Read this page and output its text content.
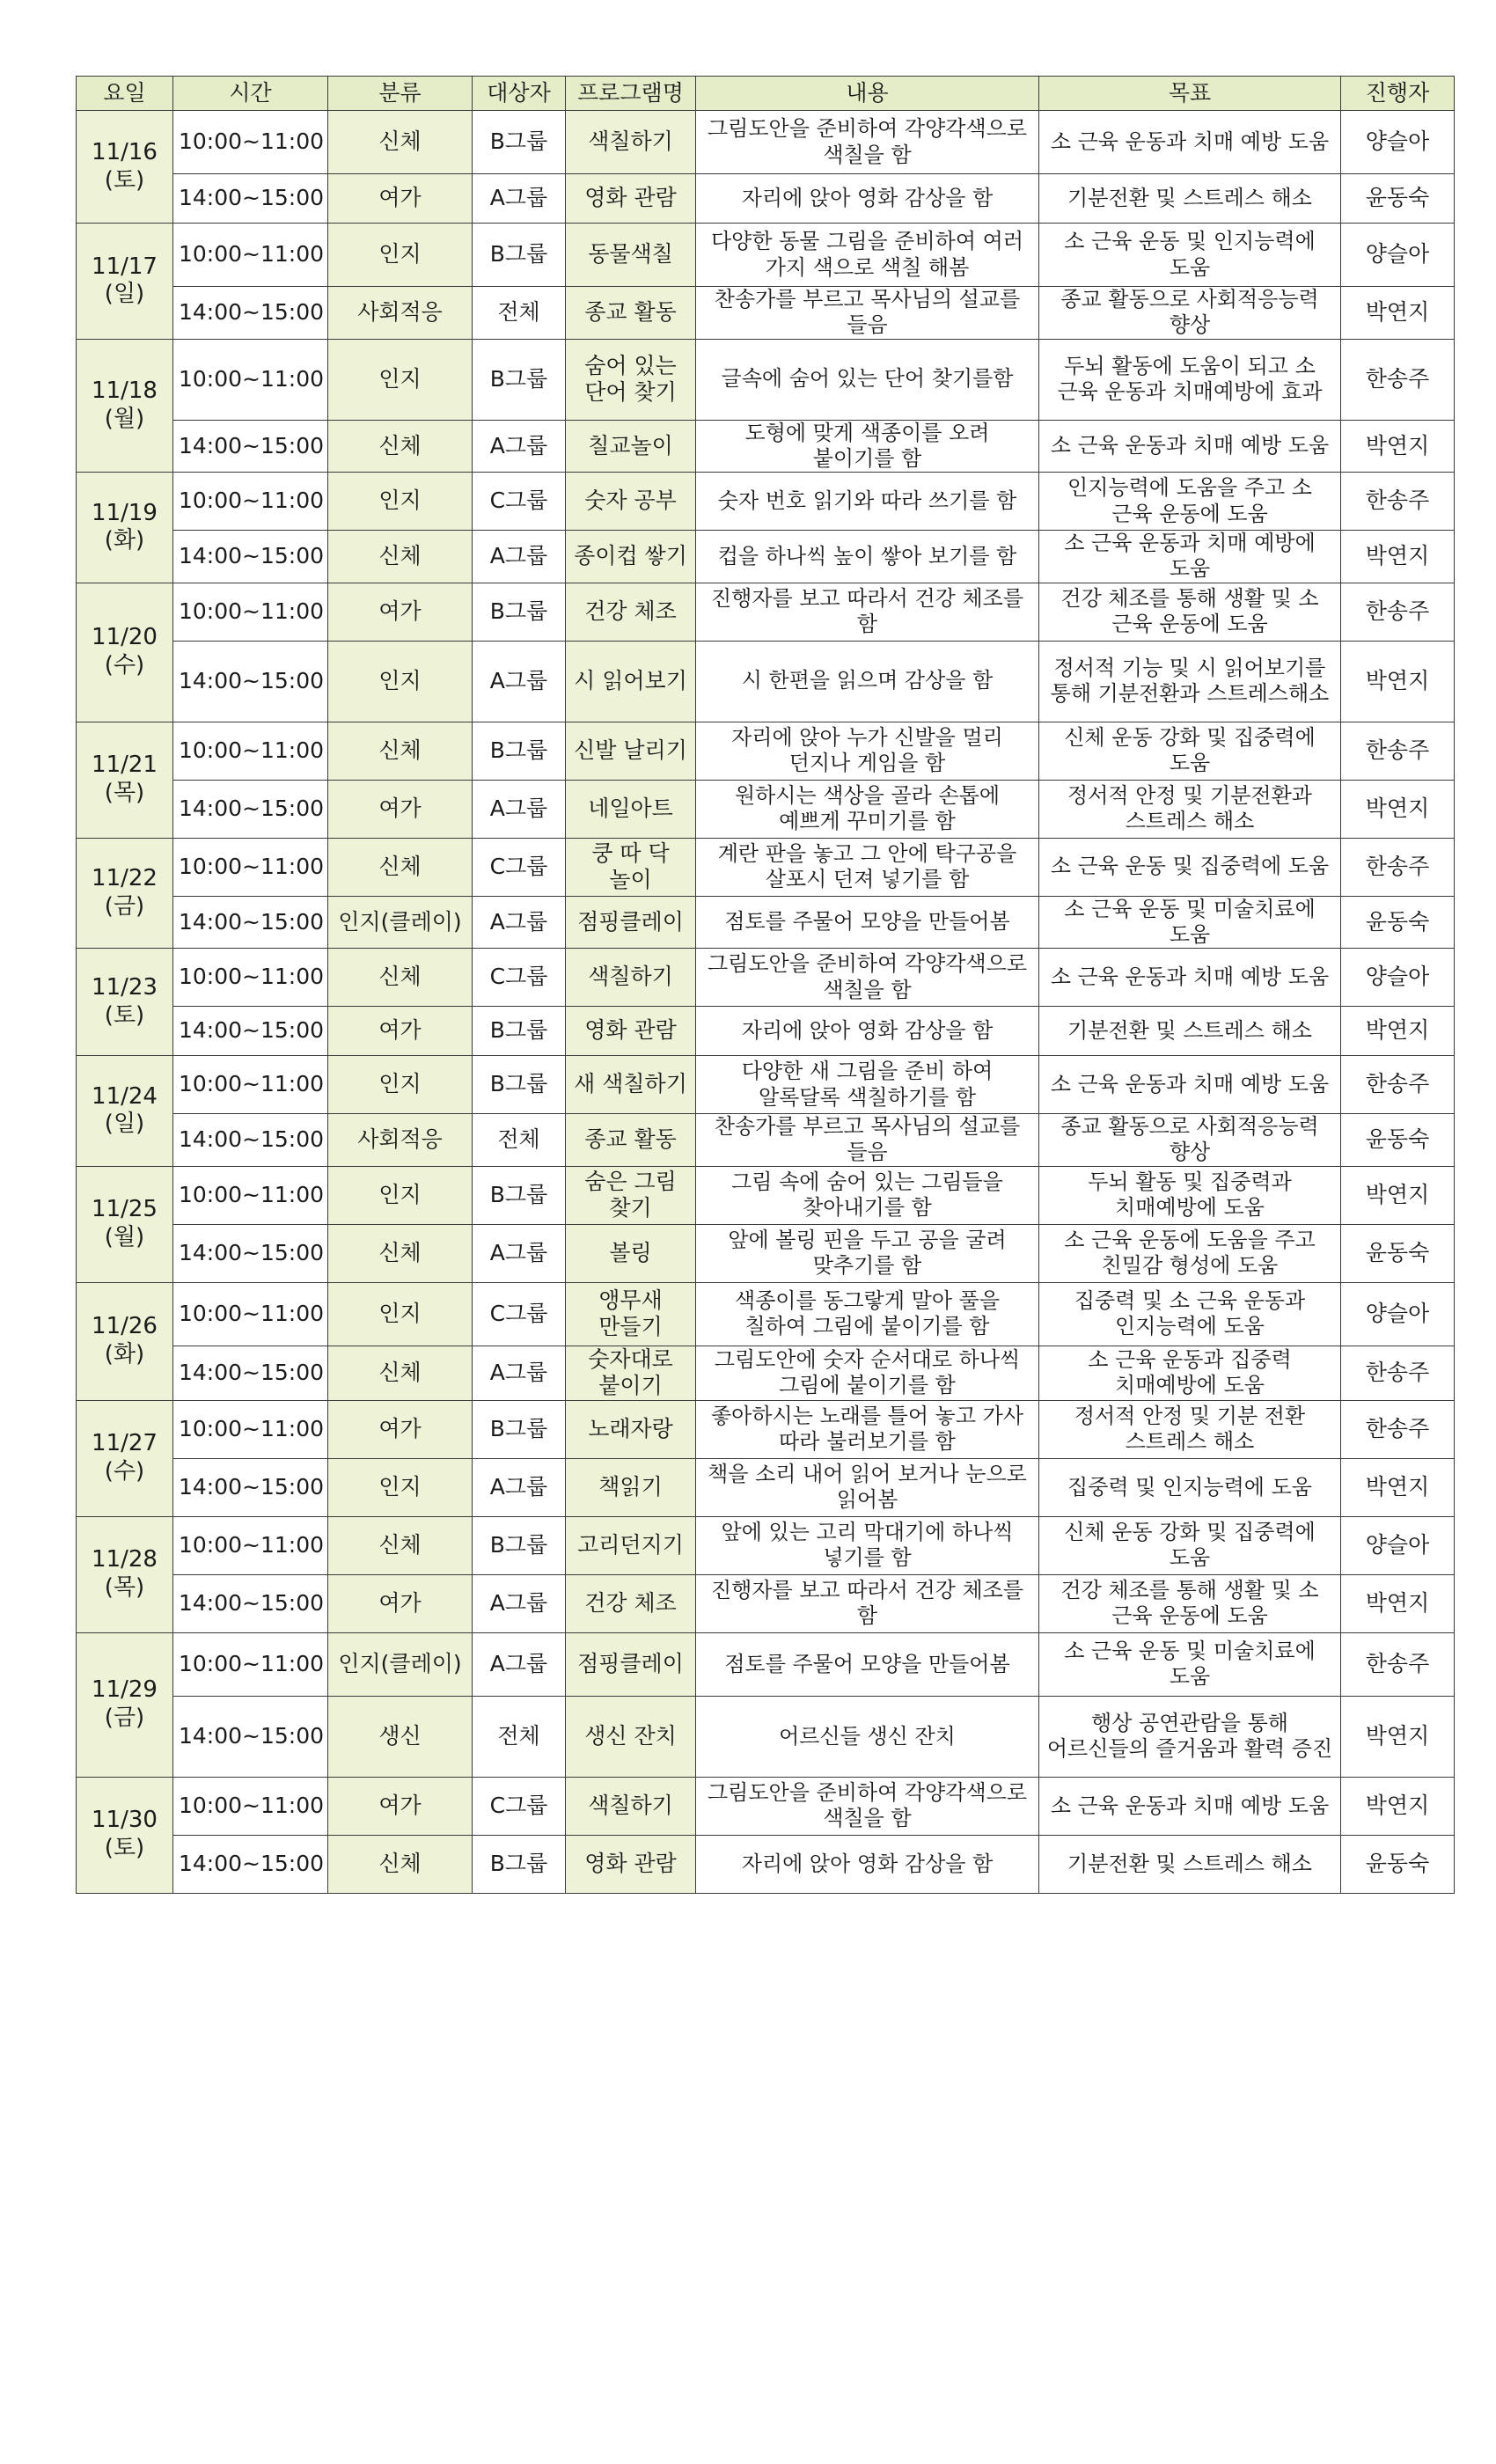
요일	시간	분류	대상자	프로그램명	내용	목표	진행자

11/16
(토)	10:00~11:00	신체	B그룹	색칠하기	그림도안을 준비하여 각양각색으로 색칠을 함	소 근육 운동과 치매 예방 도움	양슬아
	14:00~15:00	여가	A그룹	영화 관람	자리에 앉아 영화 감상을 함	기분전환 및 스트레스 해소	윤동숙

11/17
(일)	10:00~11:00	인지	B그룹	동물색칠	다양한 동물 그림을 준비하여 여러 가지 색으로 색칠 해봄	소 근육 운동 및 인지능력에 도움	양슬아
	14:00~15:00	사회적응	전체	종교 활동	찬송가를 부르고 목사님의 설교를 들음	종교 활동으로 사회적응능력 향상	박연지

11/18
(월)	10:00~11:00	인지	B그룹	숨어 있는 단어 찾기	글속에 숨어 있는 단어 찾기를함	두뇌 활동에 도움이 되고 소 근육 운동과 치매예방에 효과	한송주
	14:00~15:00	신체	A그룹	칠교놀이	도형에 맞게 색종이를 오려 붙이기를 함	소 근육 운동과 치매 예방 도움	박연지

11/19
(화)	10:00~11:00	인지	C그룹	숫자 공부	숫자 번호 읽기와 따라 쓰기를 함	인지능력에 도움을 주고 소 근육 운동에 도움	한송주
	14:00~15:00	신체	A그룹	종이컵 쌓기	컵을 하나씩 높이 쌓아 보기를 함	소 근육 운동과 치매 예방에 도움	박연지

11/20
(수)	10:00~11:00	여가	B그룹	건강 체조	진행자를 보고 따라서 건강 체조를 함	건강 체조를 통해 생활 및 소 근육 운동에 도움	한송주
	14:00~15:00	인지	A그룹	시 읽어보기	시 한편을 읽으며 감상을 함	정서적 기능 및 시 읽어보기를 통해 기분전환과 스트레스해소	박연지

11/21
(목)	10:00~11:00	신체	B그룹	신발 날리기	자리에 앉아 누가 신발을 멀리 던지나 게임을 함	신체 운동 강화 및 집중력에 도움	한송주
	14:00~15:00	여가	A그룹	네일아트	원하시는 색상을 골라 손톱에 예쁘게 꾸미기를 함	정서적 안정 및 기분전환과 스트레스 해소	박연지

11/22
(금)	10:00~11:00	신체	C그룹	쿵 따 닥 놀이	계란 판을 놓고 그 안에 탁구공을 살포시 던져 넣기를 함	소 근육 운동 및 집중력에 도움	한송주
	14:00~15:00	인지(클레이)	A그룹	점핑클레이	점토를 주물어 모양을 만들어봄	소 근육 운동 및 미술치료에 도움	윤동숙

11/23
(토)	10:00~11:00	신체	C그룹	색칠하기	그림도안을 준비하여 각양각색으로 색칠을 함	소 근육 운동과 치매 예방 도움	양슬아
	14:00~15:00	여가	B그룹	영화 관람	자리에 앉아 영화 감상을 함	기분전환 및 스트레스 해소	박연지

11/24
(일)	10:00~11:00	인지	B그룹	새 색칠하기	다양한 새 그림을 준비 하여 알록달록 색칠하기를 함	소 근육 운동과 치매 예방 도움	한송주
	14:00~15:00	사회적응	전체	종교 활동	찬송가를 부르고 목사님의 설교를 들음	종교 활동으로 사회적응능력 향상	윤동숙

11/25
(월)	10:00~11:00	인지	B그룹	숨은 그림 찾기	그림 속에 숨어 있는 그림들을 찾아내기를 함	두뇌 활동 및 집중력과 치매예방에 도움	박연지
	14:00~15:00	신체	A그룹	볼링	앞에 볼링 핀을 두고 공을 굴려 맞추기를 함	소 근육 운동에 도움을 주고 친밀감 형성에 도움	윤동숙

11/26
(화)	10:00~11:00	인지	C그룹	앵무새 만들기	색종이를 동그랗게 말아 풀을 칠하여 그림에 붙이기를 함	집중력 및 소 근육 운동과 인지능력에 도움	양슬아
	14:00~15:00	신체	A그룹	숫자대로 붙이기	그림도안에 숫자 순서대로 하나씩 그림에 붙이기를 함	소 근육 운동과 집중력 치매예방에 도움	한송주

11/27
(수)	10:00~11:00	여가	B그룹	노래자랑	좋아하시는 노래를 틀어 놓고 가사 따라 불러보기를 함	정서적 안정 및 기분 전환 스트레스 해소	한송주
	14:00~15:00	인지	A그룹	책읽기	책을 소리 내어 읽어 보거나 눈으로 읽어봄	집중력 및 인지능력에 도움	박연지

11/28
(목)	10:00~11:00	신체	B그룹	고리던지기	앞에 있는 고리 막대기에 하나씩 넣기를 함	신체 운동 강화 및 집중력에 도움	양슬아
	14:00~15:00	여가	A그룹	건강 체조	진행자를 보고 따라서 건강 체조를 함	건강 체조를 통해 생활 및 소 근육 운동에 도움	박연지

11/29
(금)	10:00~11:00	인지(클레이)	A그룹	점핑클레이	점토를 주물어 모양을 만들어봄	소 근육 운동 및 미술치료에 도움	한송주
	14:00~15:00	생신	전체	생신 잔치	어르신들 생신 잔치	행상 공연관람을 통해 어르신들의 즐거움과 활력 증진	박연지

11/30
(토)	10:00~11:00	여가	C그룹	색칠하기	그림도안을 준비하여 각양각색으로 색칠을 함	소 근육 운동과 치매 예방 도움	박연지
	14:00~15:00	신체	B그룹	영화 관람	자리에 앉아 영화 감상을 함	기분전환 및 스트레스 해소	윤동숙
